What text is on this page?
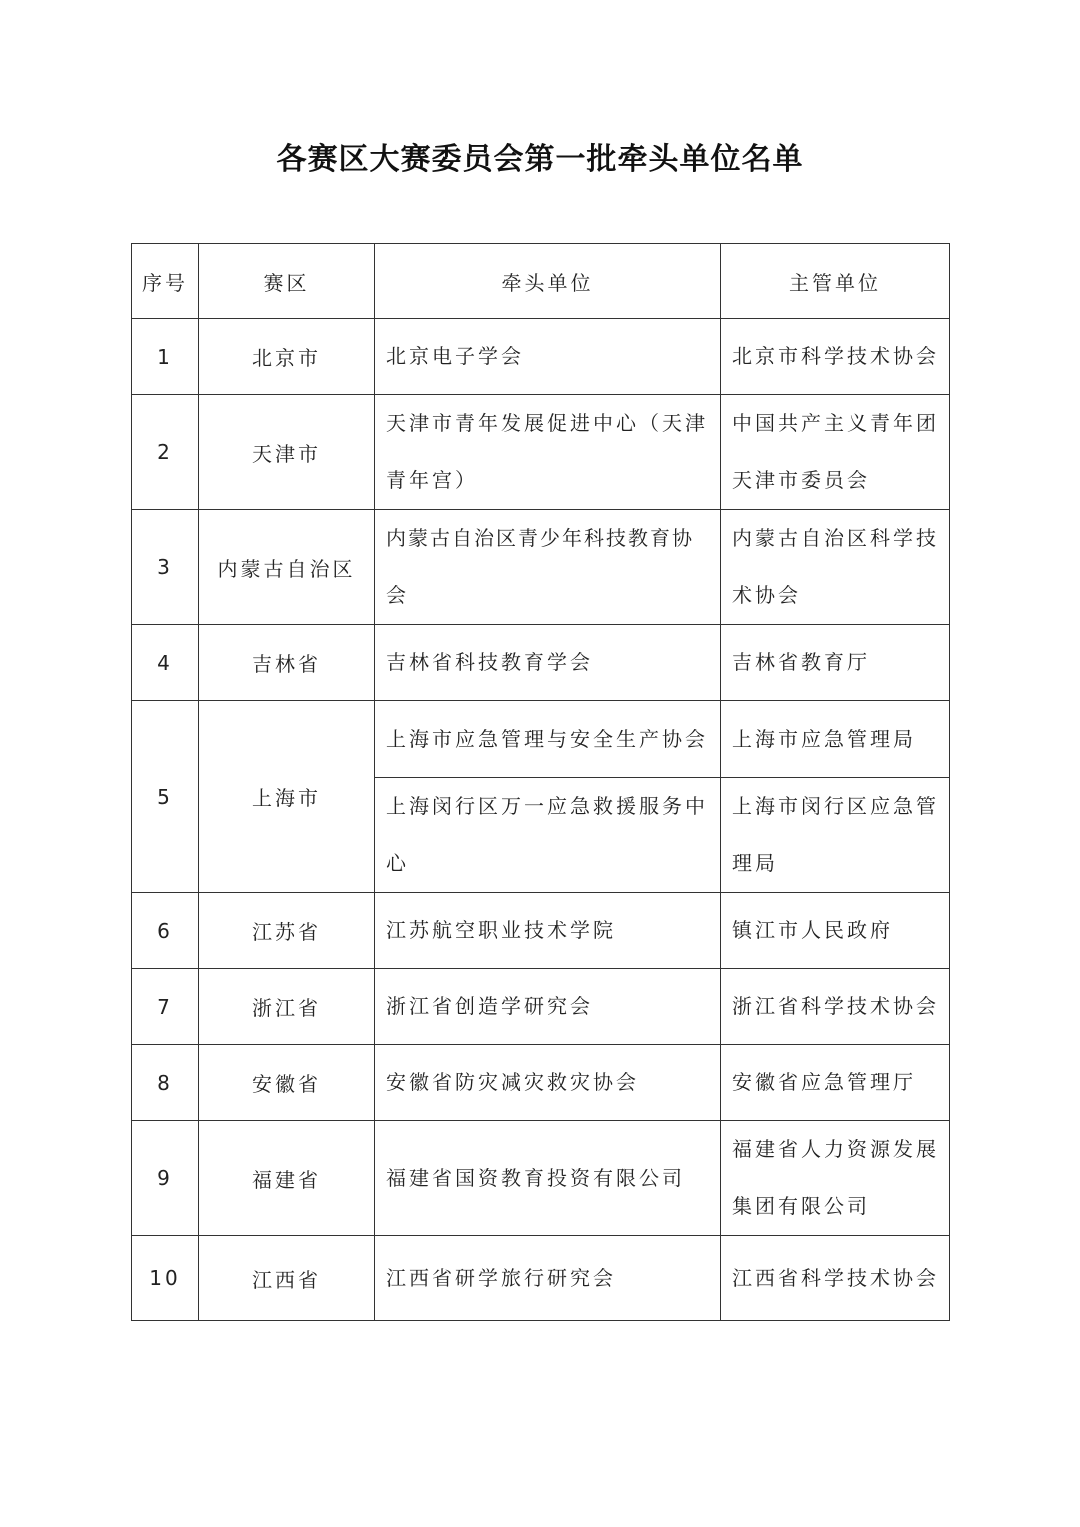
各赛区大赛委员会第一批牵头单位名单
序号	赛区	牵头单位	主管单位
1	北京市	北京电子学会	北京市科学技术协会
2	天津市	天津市青年发展促进中心（天津青年宫）	中国共产主义青年团天津市委员会
3	内蒙古自治区	内蒙古自治区青少年科技教育协会	内蒙古自治区科学技术协会
4	吉林省	吉林省科技教育学会	吉林省教育厅
5	上海市	上海市应急管理与安全生产协会	上海市应急管理局
		上海闵行区万一应急救援服务中心	上海市闵行区应急管理局
6	江苏省	江苏航空职业技术学院	镇江市人民政府
7	浙江省	浙江省创造学研究会	浙江省科学技术协会
8	安徽省	安徽省防灾减灾救灾协会	安徽省应急管理厅
9	福建省	福建省国资教育投资有限公司	福建省人力资源发展集团有限公司
10	江西省	江西省研学旅行研究会	江西省科学技术协会
